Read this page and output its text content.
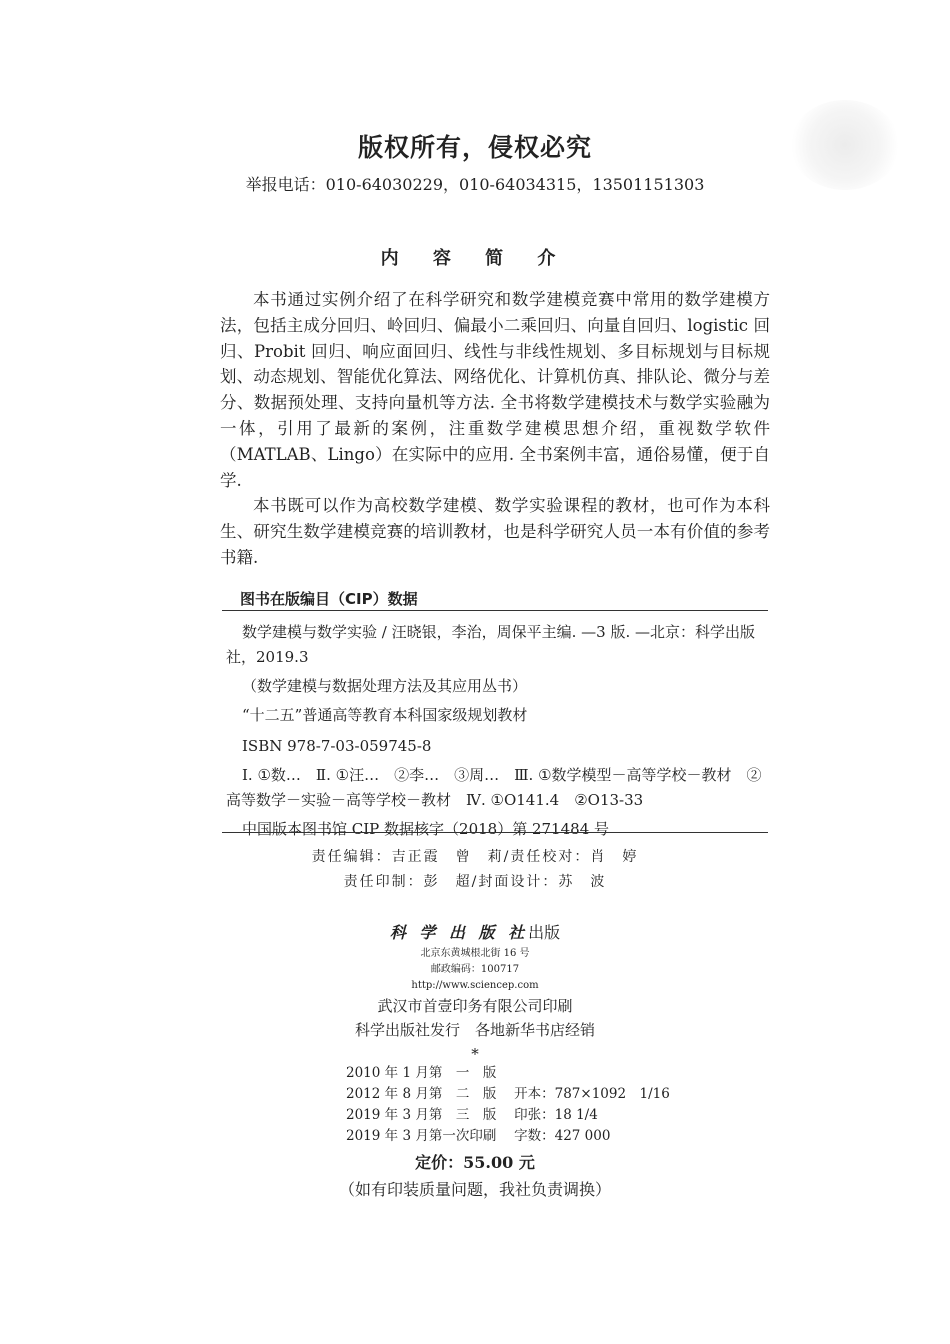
版权所有，侵权必究
举报电话：010-64030229，010-64034315，13501151303
内 容 简 介

本书通过实例介绍了在科学研究和数学建模竞赛中常用的数学建模方法，包括主成分回归、岭回归、偏最小二乘回归、向量自回归、logistic 回归、Probit 回归、响应面回归、线性与非线性规划、多目标规划与目标规划、动态规划、智能优化算法、网络优化、计算机仿真、排队论、微分与差分、数据预处理、支持向量机等方法. 全书将数学建模技术与数学实验融为一体，引用了最新的案例，注重数学建模思想介绍，重视数学软件（MATLAB、Lingo）在实际中的应用. 全书案例丰富，通俗易懂，便于自学.

本书既可以作为高校数学建模、数学实验课程的教材，也可作为本科生、研究生数学建模竞赛的培训教材，也是科学研究人员一本有价值的参考书籍.

图书在版编目（CIP）数据

数学建模与数学实验 / 汪晓银，李治，周保平主编. —3 版. —北京：科学出版社，2019.3

（数学建模与数据处理方法及其应用丛书）

“十二五”普通高等教育本科国家级规划教材

ISBN 978-7-03-059745-8

Ⅰ. ①数…　Ⅱ. ①汪…　②李…　③周…　Ⅲ. ①数学模型－高等学校－教材　②高等数学－实验－高等学校－教材　Ⅳ. ①O141.4　②O13-33

中国版本图书馆 CIP 数据核字（2018）第 271484 号

责任编辑：吉正霞　曾　莉/责任校对：肖　婷
责任印制：彭　超/封面设计：苏　波
科 学 出 版 社出版
北京东黄城根北街 16 号
邮政编码：100717
http://www.sciencep.com
武汉市首壹印务有限公司印刷
科学出版社发行　各地新华书店经销
*
2010 年 1 月第　一　版
2012 年 8 月第　二　版　 开本：787×1092　1/16
2019 年 3 月第　三　版　 印张：18 1/4
2019 年 3 月第一次印刷　 字数：427 000
定价：55.00 元
（如有印装质量问题，我社负责调换）
